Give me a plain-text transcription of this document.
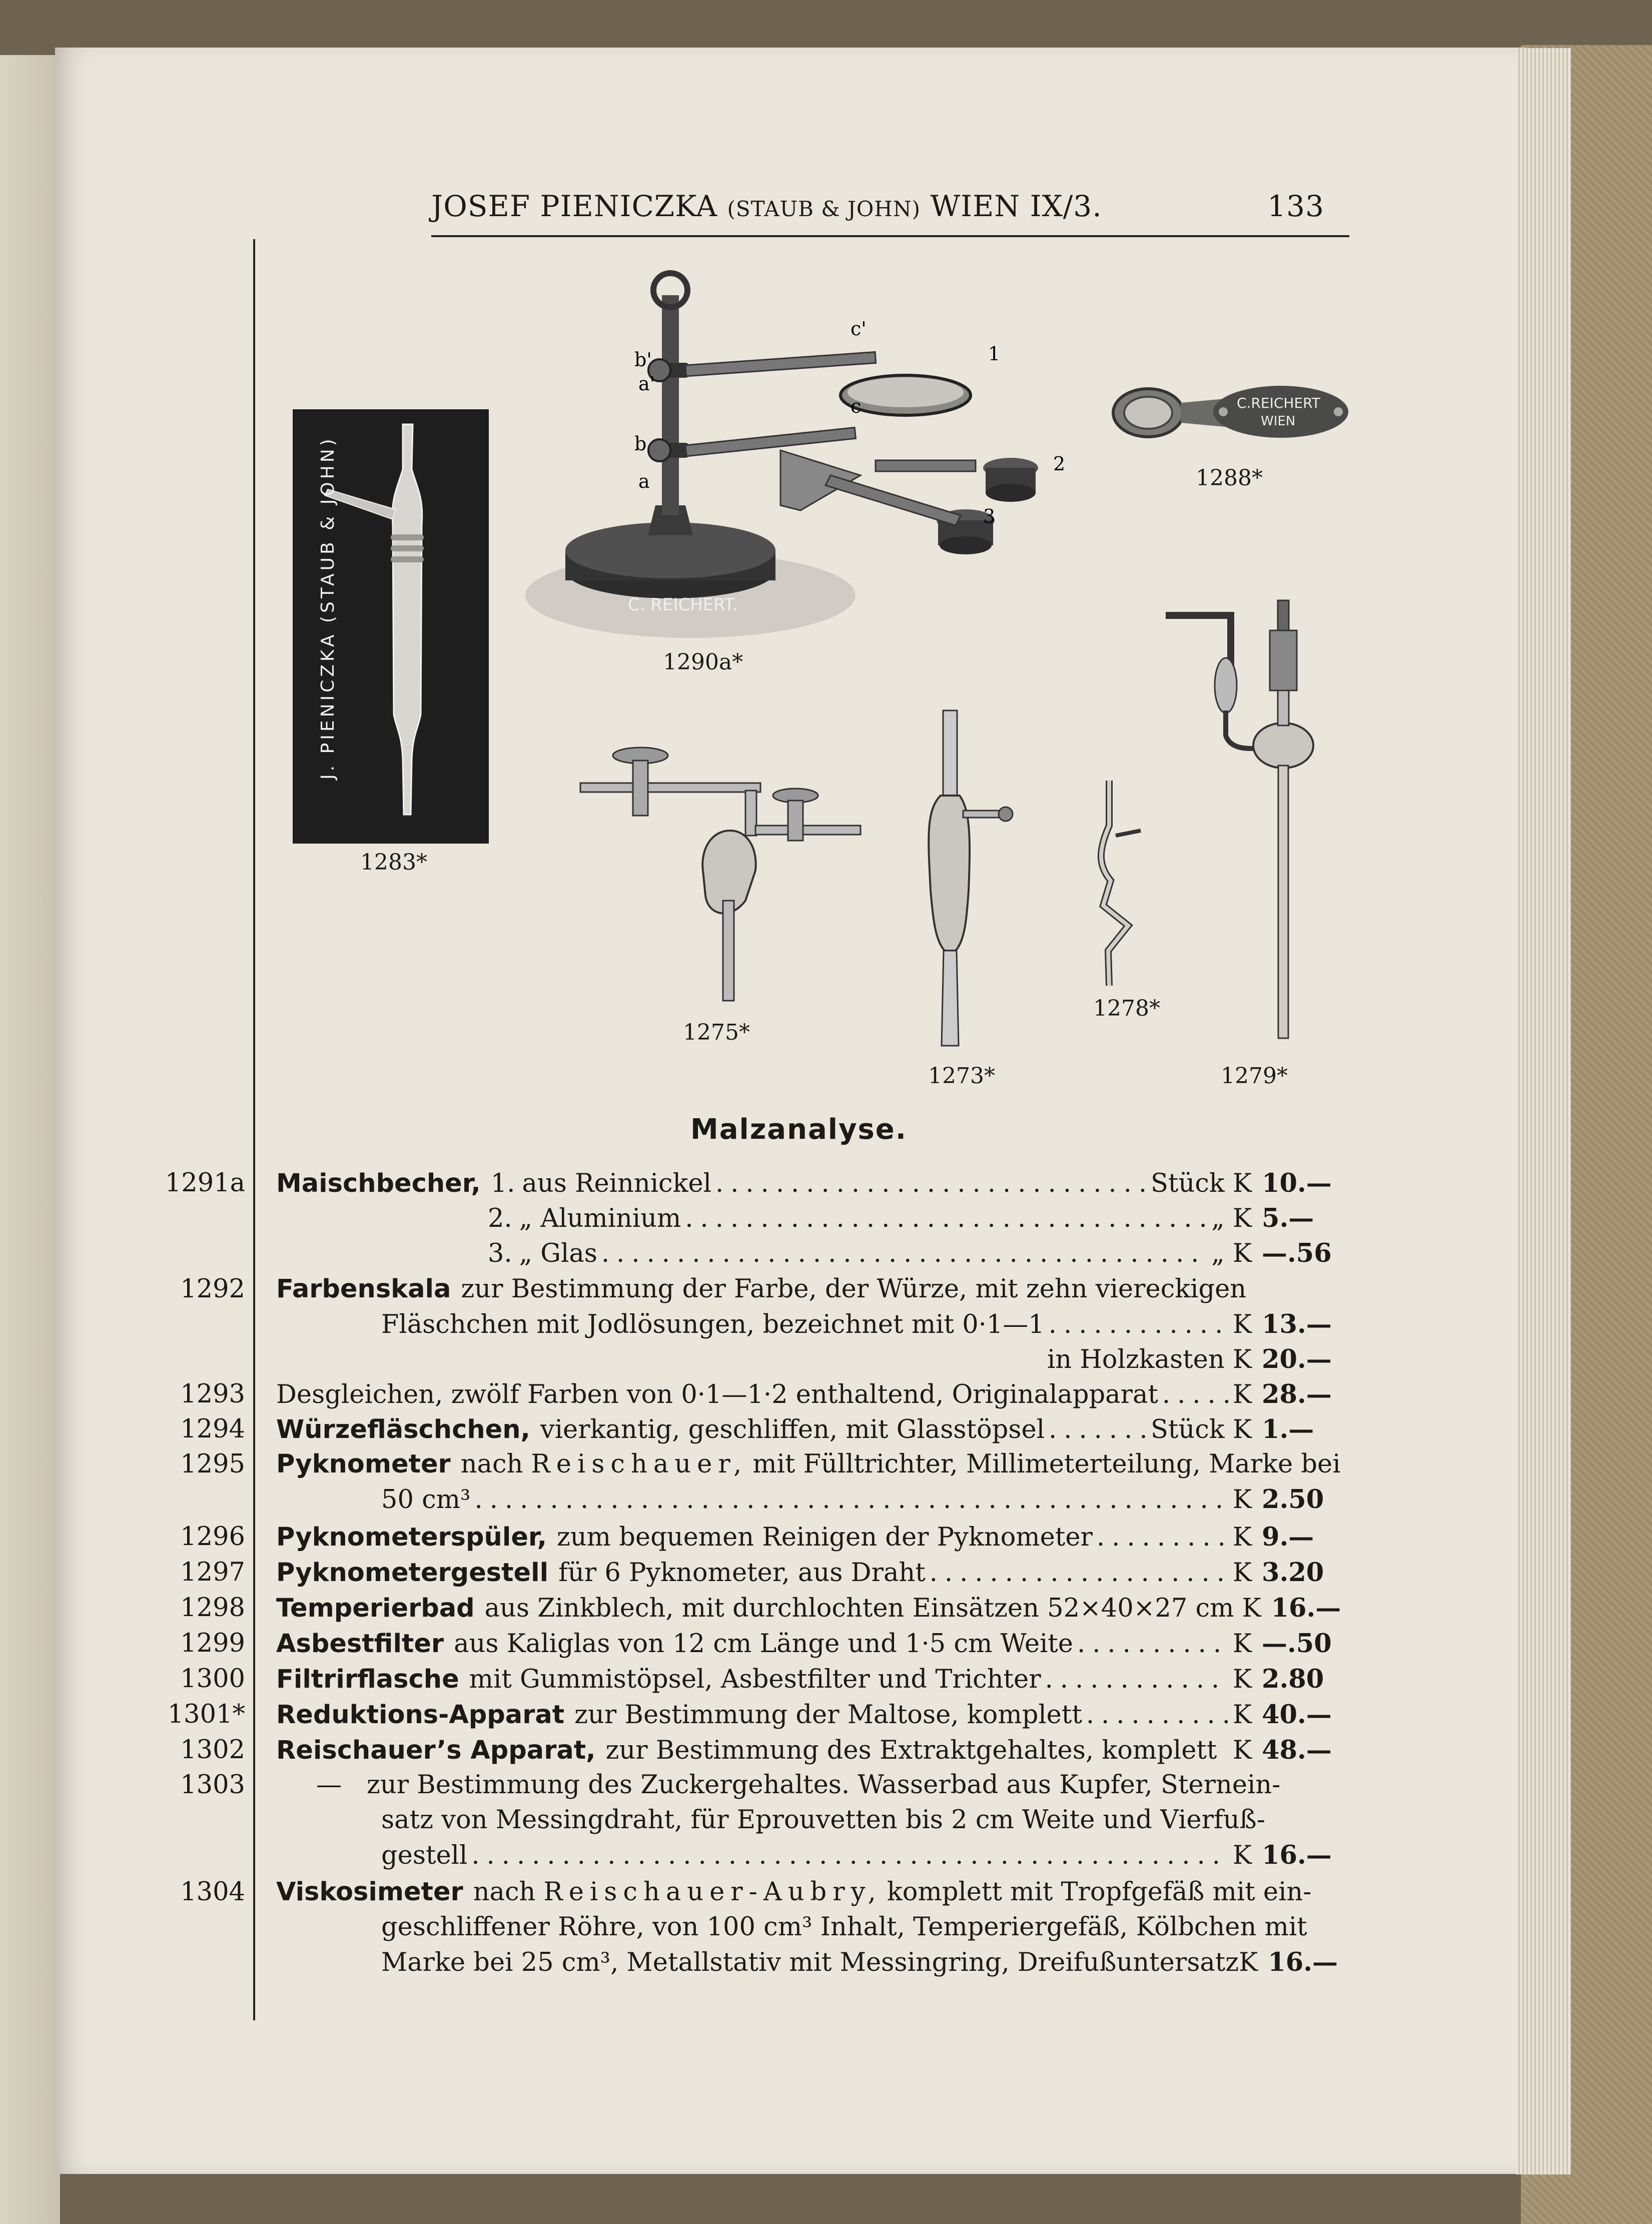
JOSEF PIENICZKA (STAUB & JOHN) WIEN IX/3.	133
J. PIENICZKA (STAUB & JOHN)
1283*
C. REICHERT.
b'
a'
b
a
c'
c
1
2
3
1290a*
C.REICHERT
WIEN
1288*
1275*
1273*
1278*
1279*
Malzanalyse.
1291a Maischbecher, 1. aus Reinnickel .....	Stück K 10.—
2. „ Aluminium .....	„ K 5.—
3. „ Glas .....	„ K —.56
1292 Farbenskala zur Bestimmung der Farbe, der Würze, mit zehn viereckigen
Fläschchen mit Jodlösungen, bezeichnet mit 0·1—1 .....	K 13.—
in Holzkasten K 20.—
1293 Desgleichen, zwölf Farben von 0·1—1·2 enthaltend, Originalapparat .....	K 28.—
1294 Würzefläschchen, vierkantig, geschliffen, mit Glasstöpsel .....	Stück K 1.—
1295 Pyknometer nach Reischauer, mit Fülltrichter, Millimeterteilung, Marke bei
50 cm³ .....	K 2.50
1296 Pyknometerspüler, zum bequemen Reinigen der Pyknometer .....	K 9.—
1297 Pyknometergestell für 6 Pyknometer, aus Draht .....	K 3.20
1298 Temperierbad aus Zinkblech, mit durchlochten Einsätzen 52×40×27 cm K 16.—
1299 Asbestfilter aus Kaliglas von 12 cm Länge und 1·5 cm Weite .....	K —.50
1300 Filtrirflasche mit Gummistöpsel, Asbestfilter und Trichter .....	K 2.80
1301* Reduktions-Apparat zur Bestimmung der Maltose, komplett .....	K 40.—
1302 Reischauer’s Apparat, zur Bestimmung des Extraktgehaltes, komplett K 48.—
1303	— zur Bestimmung des Zuckergehaltes. Wasserbad aus Kupfer, Sternein-
satz von Messingdraht, für Eprouvetten bis 2 cm Weite und Vierfuß-
gestell .....	K 16.—
1304 Viskosimeter nach Reischauer-Aubry, komplett mit Tropfgefäß mit ein-
geschliffener Röhre, von 100 cm³ Inhalt, Temperiergefäß, Kölbchen mit
Marke bei 25 cm³, Metallstativ mit Messingring, Dreifußuntersatz K 16.—
